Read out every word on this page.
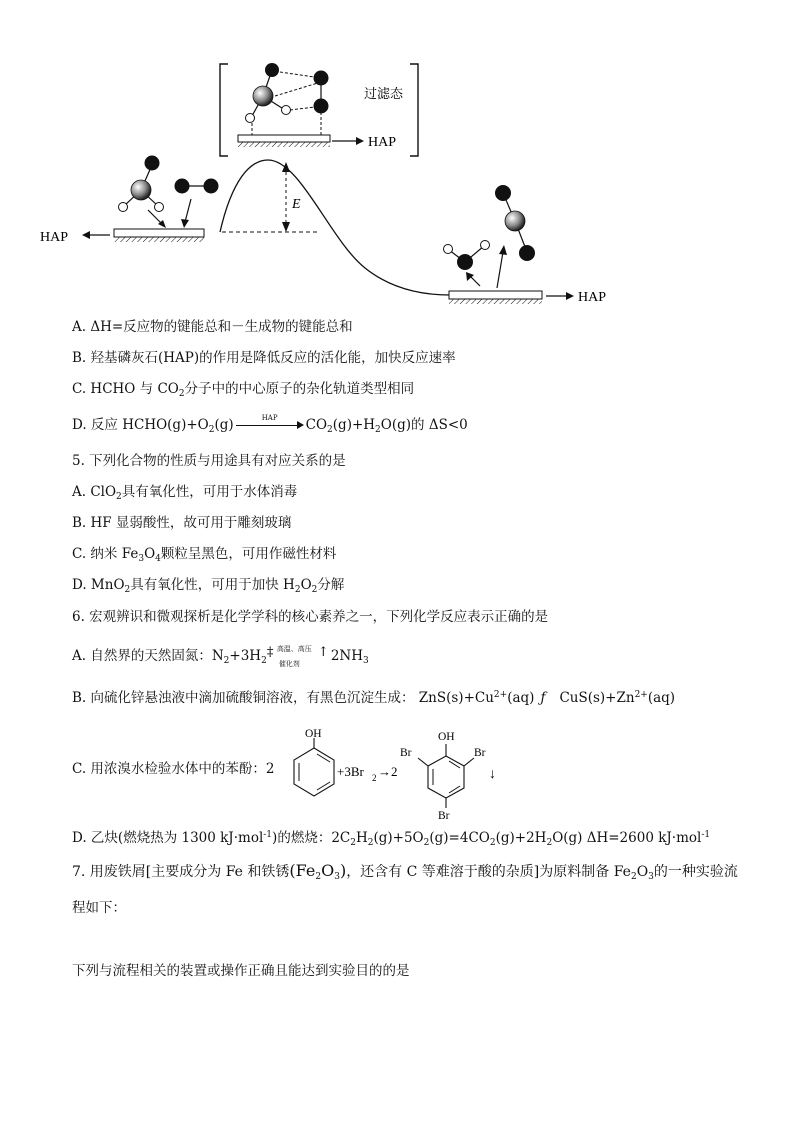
过滤态
HAP
E
HAP
HAP
A. ΔH=反应物的键能总和－生成物的键能总和
B. 羟基磷灰石(HAP)的作用是降低反应的活化能，加快反应速率
C. HCHO 与 $CO_2$分子中的中心原子的杂化轨道类型相同
D. 反应 $HCHO(g)+O_2(g)$	HAP	$CO_2(g)+H_2O(g)$的 ΔS<0
5. 下列化合物的性质与用途具有对应关系的是
A. ClO$_2$具有氧化性，可用于水体消毒
B. HF 显弱酸性，故可用于雕刻玻璃
C. 纳米 $Fe_3O_4$颗粒呈黑色，可用作磁性材料
D. MnO$_2$具有氧化性，可用于加快 $H_2O_2$分解
6. 宏观辨识和微观探析是化学学科的核心素养之一，下列化学反应表示正确的是
A. 自然界的天然固氮：$N_2+3H_2$
‡ 高温、高压
催化剂
↑ $2NH_3$
B. 向硫化锌悬浊液中滴加硫酸铜溶液，有黑色沉淀生成： $ZnS(s)+Cu^{2+}(aq)$ ƒ $CuS(s)+Zn^{2+}(aq)$
C. 用浓溴水检验水体中的苯酚：2
OH
+3Br 2 →2
OH
Br	Br
Br
↓
D. 乙炔(燃烧热为 1300 kJ·mol$^{-1}$)的燃烧：$2C_2H_2(g)+5O_2(g)=4CO_2(g)+2H_2O(g)$ ΔH=2600 kJ·mol$^{-1}$
7. 用废铁屑[主要成分为 Fe 和铁锈$(Fe_2O_3)$，还含有 C 等难溶于酸的杂质]为原料制备 $Fe_2O_3$的一种实验流
程如下：
下列与流程相关的装置或操作正确且能达到实验目的的是
